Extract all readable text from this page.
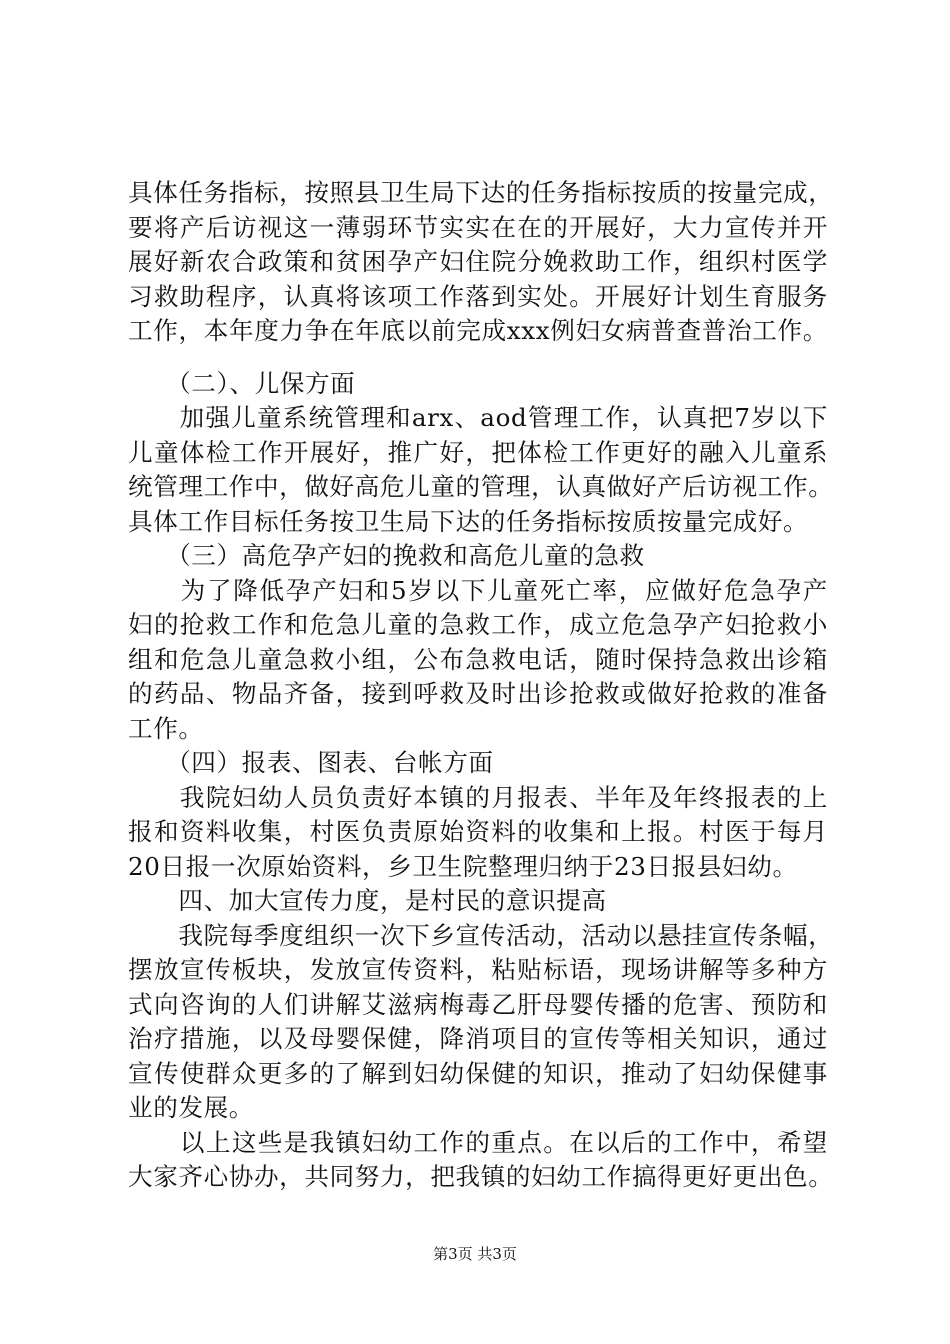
具体任务指标，按照县卫生局下达的任务指标按质的按量完成，
要将产后访视这一薄弱环节实实在在的开展好，大力宣传并开
展好新农合政策和贫困孕产妇住院分娩救助工作，组织村医学
习救助程序，认真将该项工作落到实处。开展好计划生育服务
工作，本年度力争在年底以前完成xxx例妇女病普查普治工作。
　　（二）、儿保方面
　　加强儿童系统管理和arx、aod管理工作，认真把7岁以下
儿童体检工作开展好，推广好，把体检工作更好的融入儿童系
统管理工作中，做好高危儿童的管理，认真做好产后访视工作。
具体工作目标任务按卫生局下达的任务指标按质按量完成好。
　　（三）高危孕产妇的挽救和高危儿童的急救
　　为了降低孕产妇和5岁以下儿童死亡率，应做好危急孕产
妇的抢救工作和危急儿童的急救工作，成立危急孕产妇抢救小
组和危急儿童急救小组，公布急救电话，随时保持急救出诊箱
的药品、物品齐备，接到呼救及时出诊抢救或做好抢救的准备
工作。
　　（四）报表、图表、台帐方面
　　我院妇幼人员负责好本镇的月报表、半年及年终报表的上
报和资料收集，村医负责原始资料的收集和上报。村医于每月
20日报一次原始资料，乡卫生院整理归纳于23日报县妇幼。
　　四、加大宣传力度，是村民的意识提高
　　我院每季度组织一次下乡宣传活动，活动以悬挂宣传条幅，
摆放宣传板块，发放宣传资料，粘贴标语，现场讲解等多种方
式向咨询的人们讲解艾滋病梅毒乙肝母婴传播的危害、预防和
治疗措施，以及母婴保健，降消项目的宣传等相关知识，通过
宣传使群众更多的了解到妇幼保健的知识，推动了妇幼保健事
业的发展。
　　以上这些是我镇妇幼工作的重点。在以后的工作中，希望
大家齐心协办，共同努力，把我镇的妇幼工作搞得更好更出色。
第3页 共3页
